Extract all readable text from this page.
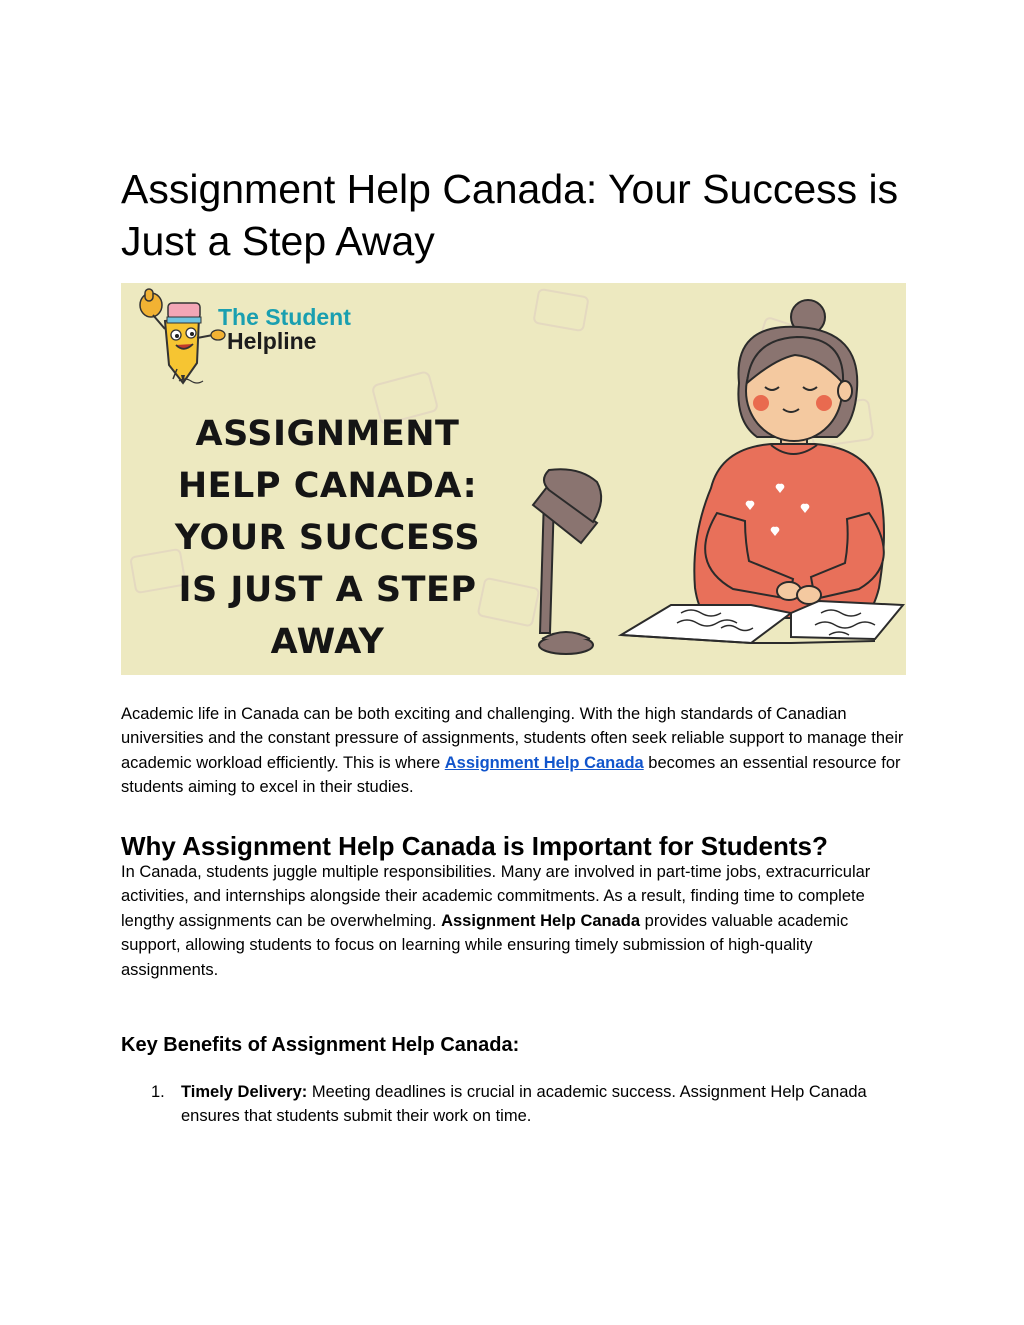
Assignment Help Canada: Your Success is Just a Step Away
The Student
Helpline
ASSIGNMENT
HELP CANADA:
YOUR SUCCESS
IS JUST A STEP
AWAY

Academic life in Canada can be both exciting and challenging. With the high standards of Canadian universities and the constant pressure of assignments, students often seek reliable support to manage their academic workload efficiently. This is where Assignment Help Canada becomes an essential resource for students aiming to excel in their studies.

Why Assignment Help Canada is Important for Students?

In Canada, students juggle multiple responsibilities. Many are involved in part-time jobs, extracurricular activities, and internships alongside their academic commitments. As a result, finding time to complete lengthy assignments can be overwhelming. Assignment Help Canada provides valuable academic support, allowing students to focus on learning while ensuring timely submission of high-quality assignments.

Key Benefits of Assignment Help Canada:
1. Timely Delivery: Meeting deadlines is crucial in academic success. Assignment Help Canada ensures that students submit their work on time.
